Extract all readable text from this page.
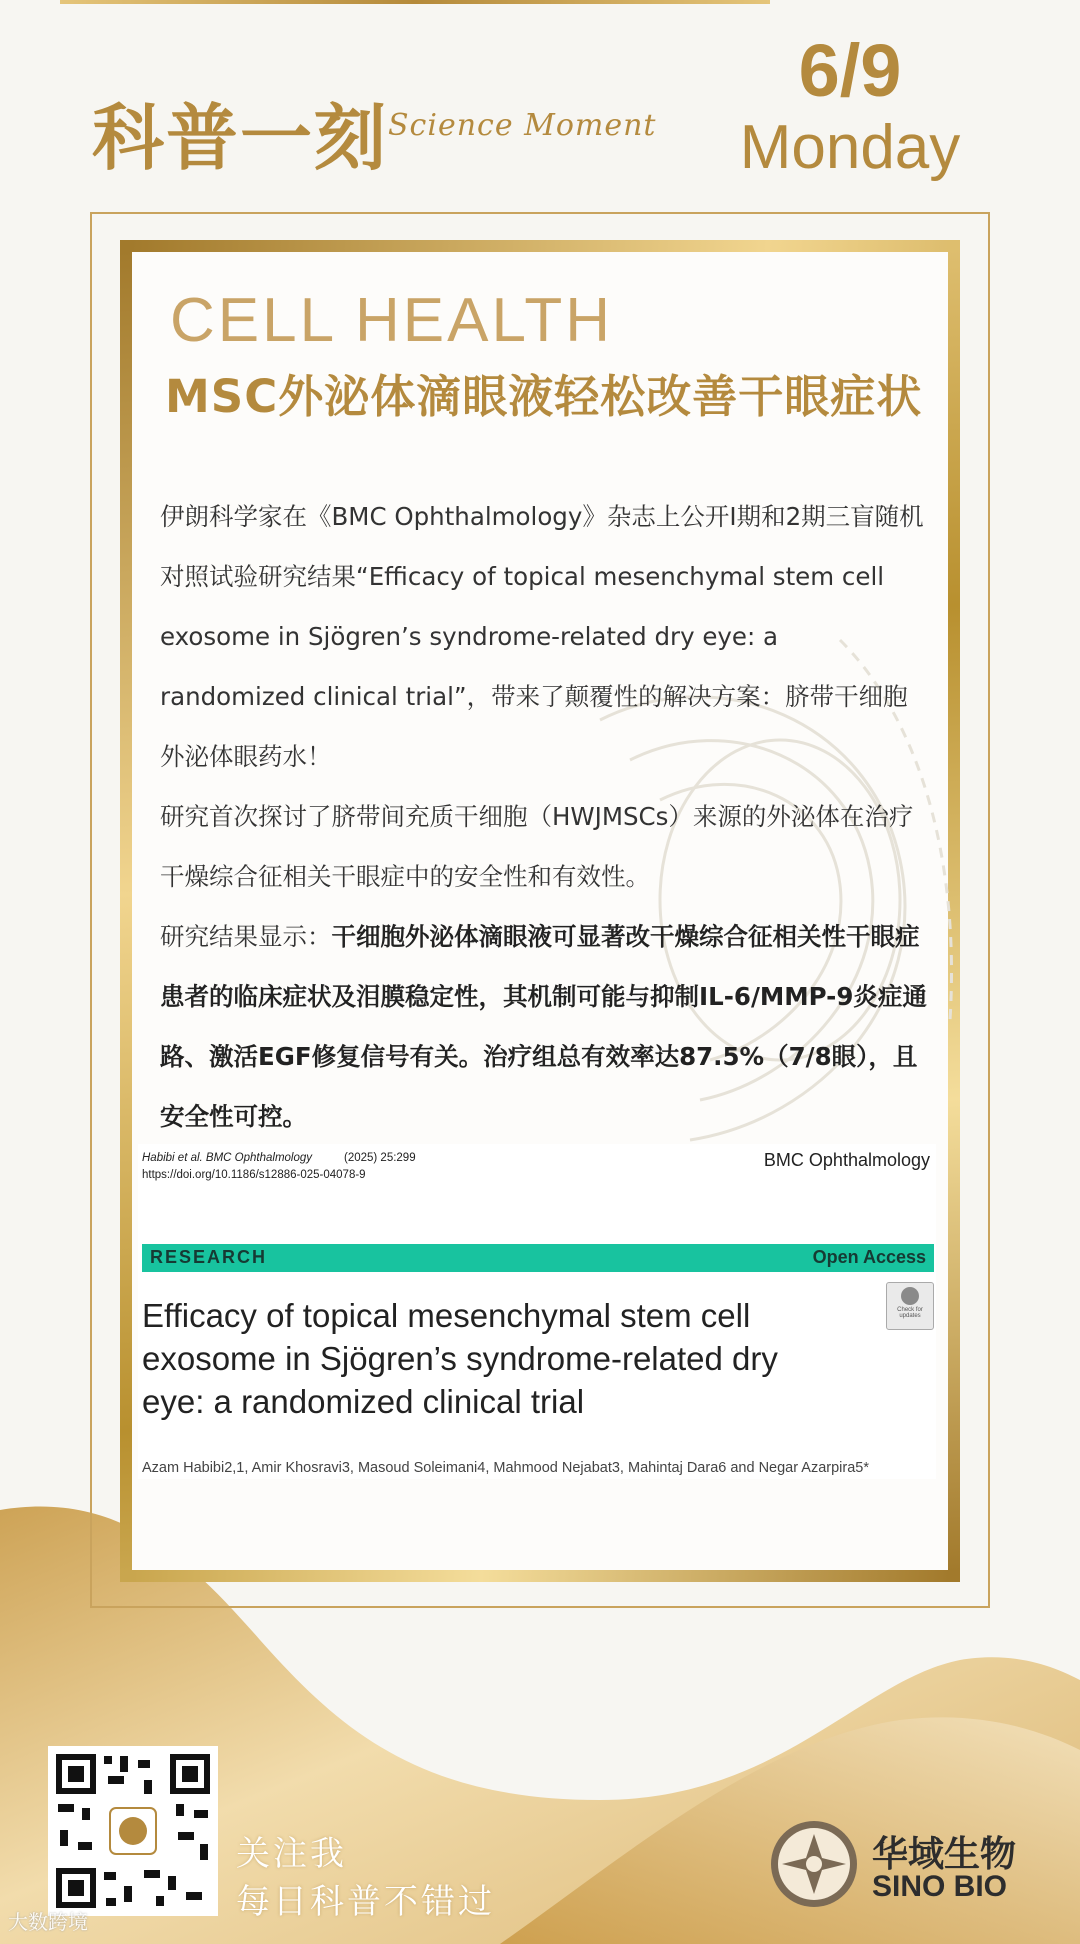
科普一刻 Science Moment
6/9
Monday
CELL HEALTH
MSC外泌体滴眼液轻松改善干眼症状

伊朗科学家在《BMC Ophthalmology》杂志上公开I期和2期三盲随机对照试验研究结果“Efficacy of topical mesenchymal stem cell exosome in Sjögren’s syndrome-related dry eye: a randomized clinical trial”，带来了颠覆性的解决方案：脐带干细胞外泌体眼药水！

研究首次探讨了脐带间充质干细胞（HWJMSCs）来源的外泌体在治疗干燥综合征相关干眼症中的安全性和有效性。

研究结果显示：干细胞外泌体滴眼液可显著改干燥综合征相关性干眼症患者的临床症状及泪膜稳定性，其机制可能与抑制IL-6/MMP-9炎症通路、激活EGF修复信号有关。治疗组总有效率达87.5%（7/8眼），且安全性可控。

Habibi et al. BMC Ophthalmology	(2025) 25:299
https://doi.org/10.1186/s12886-025-04078-9
BMC Ophthalmology
RESEARCH	Open Access
Check for updates
Efficacy of topical mesenchymal stem cell exosome in Sjögren’s syndrome-related dry eye: a randomized clinical trial
Azam Habibi2,1, Amir Khosravi3, Masoud Soleimani4, Mahmood Nejabat3, Mahintaj Dara6 and Negar Azarpira5*
关注我
每日科普不错过
华域生物
SINO BIO
大数跨境
